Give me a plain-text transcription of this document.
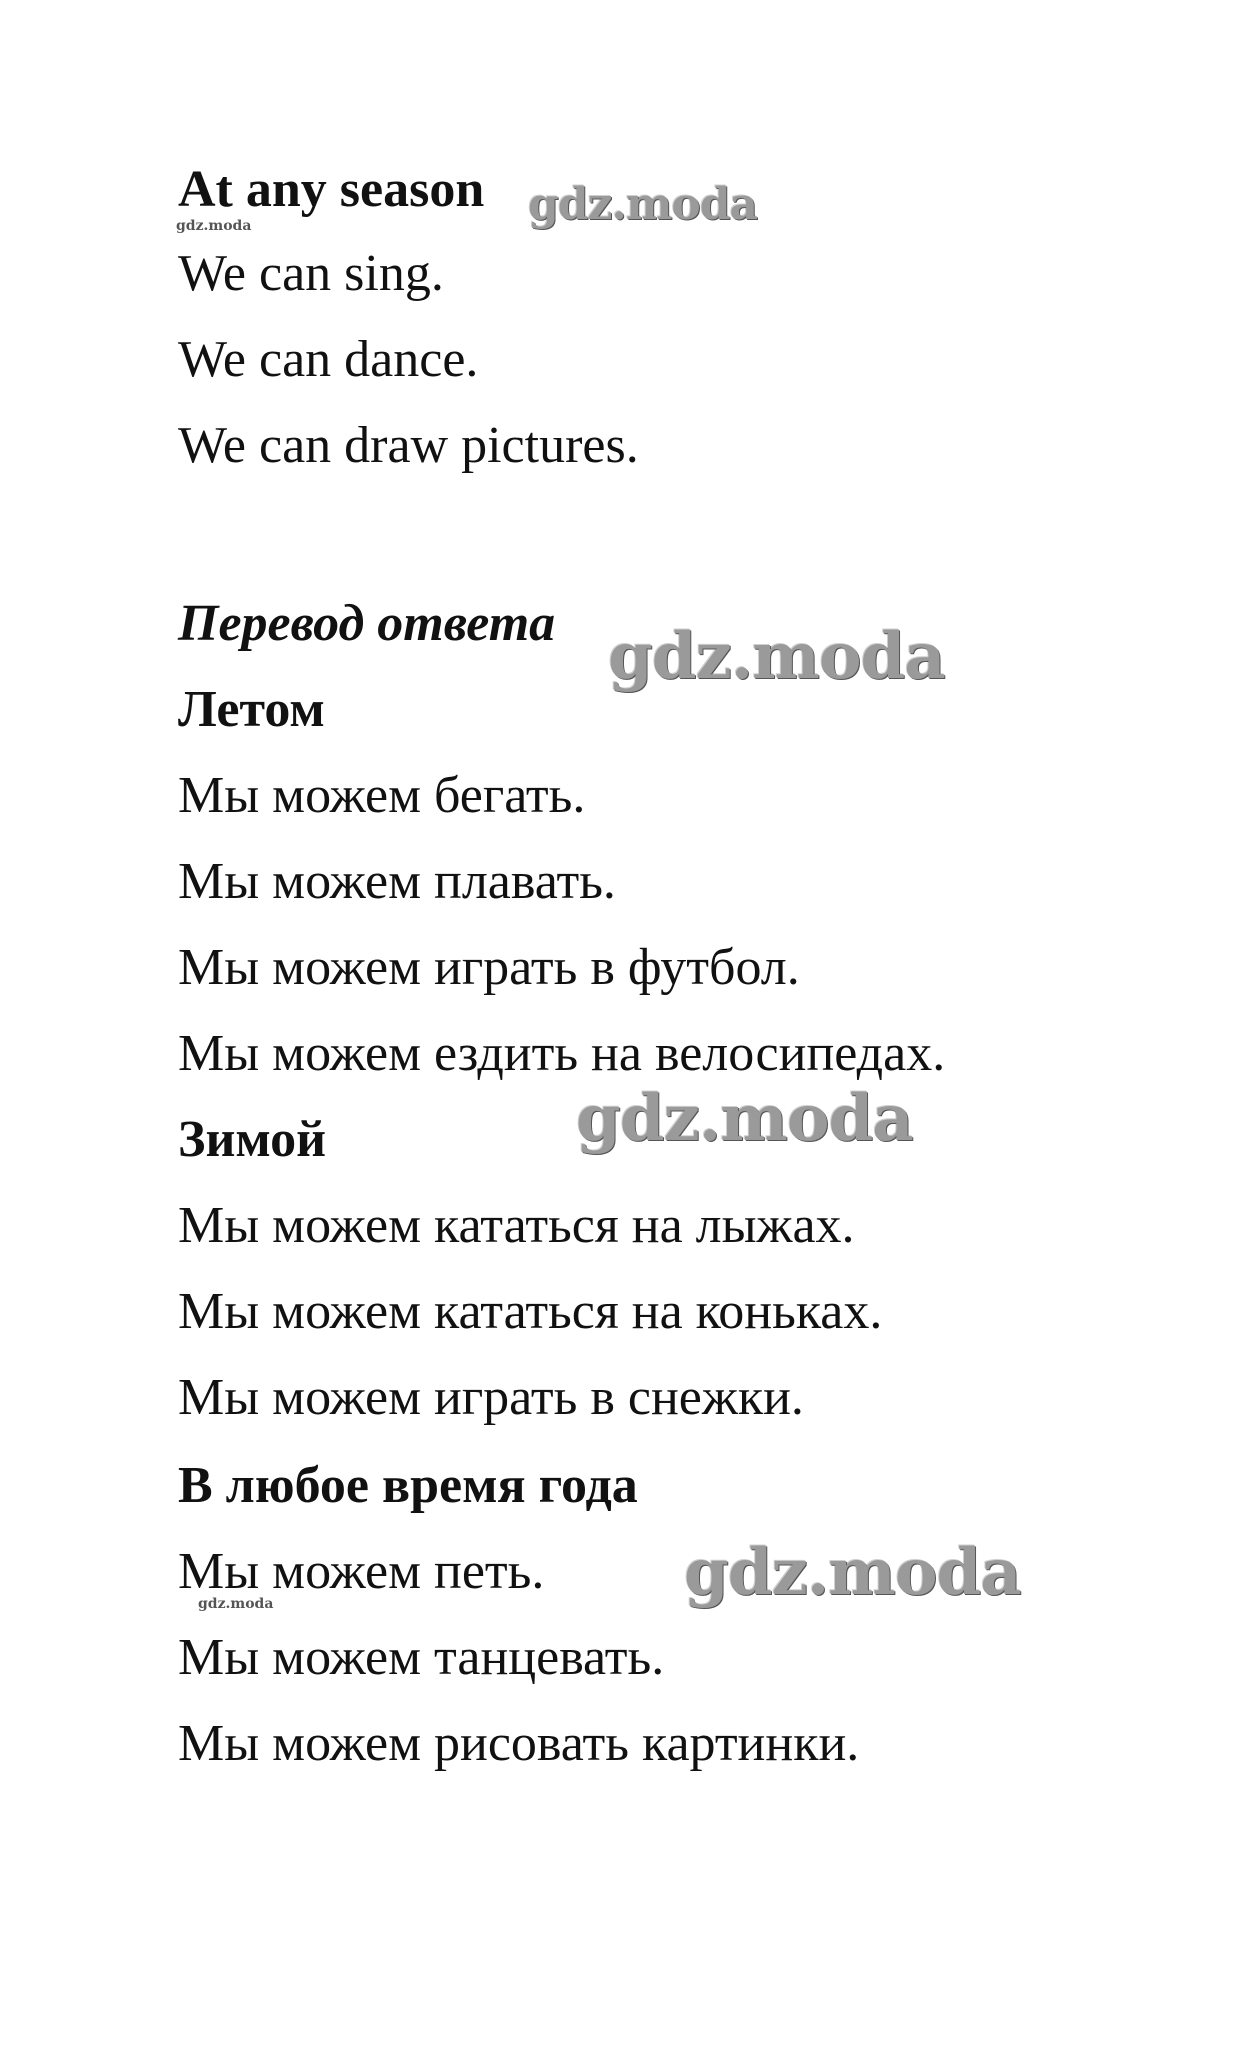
At any season gdz.moda
gdz.moda
We can sing.
We can dance.
We can draw pictures.
Перевод ответа gdz.moda
Летом
Мы можем бегать.
Мы можем плавать.
Мы можем играть в футбол.
Мы можем ездить на велосипедах.
gdz.moda
Зимой
Мы можем кататься на лыжах.
Мы можем кататься на коньках.
Мы можем играть в снежки.
В любое время года
Мы можем петь. gdz.moda
gdz.moda
Мы можем танцевать.
Мы можем рисовать картинки.
